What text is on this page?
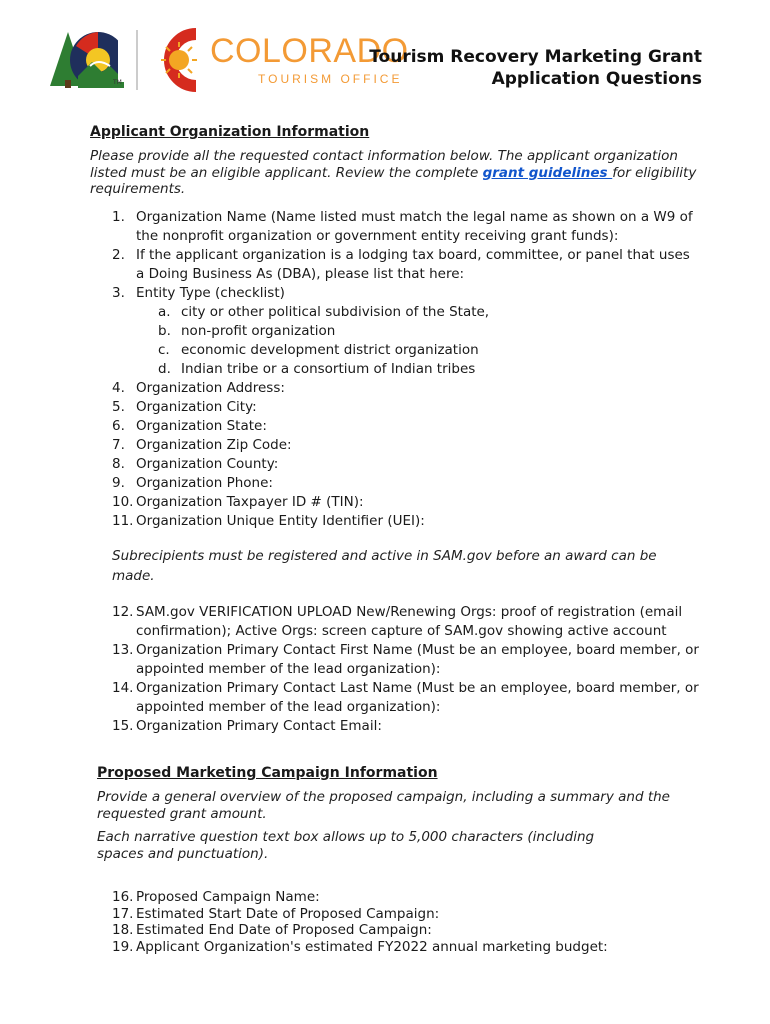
TM
COLORADO
TOURISM OFFICE
Tourism Recovery Marketing Grant
Application Questions
Applicant Organization Information
Please provide all the requested contact information below. The applicant organization listed must be an eligible applicant. Review the complete grant guidelines for eligibility requirements.
1. Organization Name (Name listed must match the legal name as shown on a W9 of the nonprofit organization or government entity receiving grant funds):
2. If the applicant organization is a lodging tax board, committee, or panel that uses a Doing Business As (DBA), please list that here:
3. Entity Type (checklist)
a. city or other political subdivision of the State,
b. non-profit organization
c. economic development district organization
d. Indian tribe or a consortium of Indian tribes
4. Organization Address:
5. Organization City:
6. Organization State:
7. Organization Zip Code:
8. Organization County:
9. Organization Phone:
10. Organization Taxpayer ID # (TIN):
11. Organization Unique Entity Identifier (UEI):
Subrecipients must be registered and active in SAM.gov before an award can be made.
12. SAM.gov VERIFICATION UPLOAD New/Renewing Orgs: proof of registration (email confirmation); Active Orgs: screen capture of SAM.gov showing active account
13. Organization Primary Contact First Name (Must be an employee, board member, or appointed member of the lead organization):
14. Organization Primary Contact Last Name (Must be an employee, board member, or appointed member of the lead organization):
15. Organization Primary Contact Email:
Proposed Marketing Campaign Information
Provide a general overview of the proposed campaign, including a summary and the requested grant amount.
Each narrative question text box allows up to 5,000 characters (including spaces and punctuation).
16. Proposed Campaign Name:
17. Estimated Start Date of Proposed Campaign:
18. Estimated End Date of Proposed Campaign:
19. Applicant Organization's estimated FY2022 annual marketing budget:
